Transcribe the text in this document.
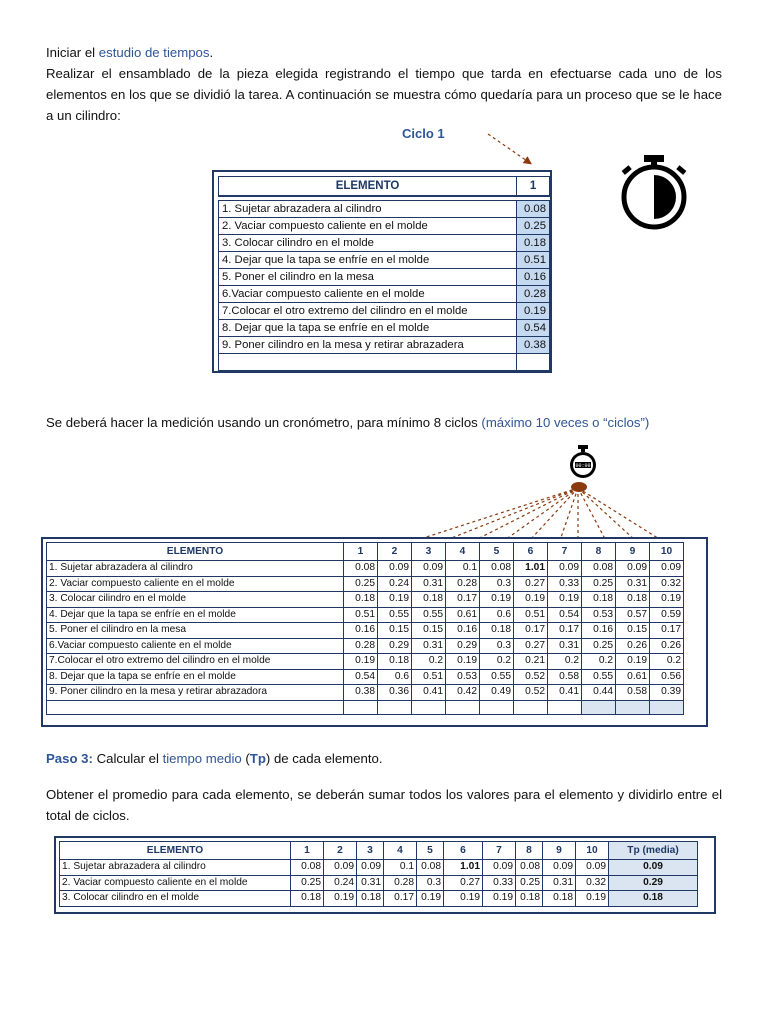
Iniciar el estudio de tiempos.

Realizar el ensamblado de la pieza elegida registrando el tiempo que tarda en efectuarse cada uno de los elementos en los que se dividió la tarea. A continuación se muestra cómo quedaría para un proceso que se le hace a un cilindro:

Ciclo 1
ELEMENTO	1

1. Sujetar abrazadera al cilindro	0.08
2. Vaciar compuesto caliente en el molde	0.25
3. Colocar cilindro en el molde	0.18
4. Dejar que la tapa se enfríe en el molde	0.51
5. Poner el cilindro en la mesa	0.16
6.Vaciar compuesto caliente en el molde	0.28
7.Colocar el otro extremo del cilindro en el molde	0.19
8. Dejar que la tapa se enfríe en el molde	0.54
9. Poner cilindro en la mesa y retirar abrazadera	0.38

Se deberá hacer la medición usando un cronómetro, para mínimo 8 ciclos (máximo 10 veces o “ciclos”)

00:00
ELEMENTO	1	2	3	4	5	6	7	8	9	10
1. Sujetar abrazadera al cilindro	0.08	0.09	0.09	0.1	0.08	1.01	0.09	0.08	0.09	0.09
2. Vaciar compuesto caliente en el molde	0.25	0.24	0.31	0.28	0.3	0.27	0.33	0.25	0.31	0.32
3. Colocar cilindro en el molde	0.18	0.19	0.18	0.17	0.19	0.19	0.19	0.18	0.18	0.19
4. Dejar que la tapa se enfríe en el molde	0.51	0.55	0.55	0.61	0.6	0.51	0.54	0.53	0.57	0.59
5. Poner el cilindro en la mesa	0.16	0.15	0.15	0.16	0.18	0.17	0.17	0.16	0.15	0.17
6.Vaciar compuesto caliente en el molde	0.28	0.29	0.31	0.29	0.3	0.27	0.31	0.25	0.26	0.26
7.Colocar el otro extremo del cilindro en el molde	0.19	0.18	0.2	0.19	0.2	0.21	0.2	0.2	0.19	0.2
8. Dejar que la tapa se enfríe en el molde	0.54	0.6	0.51	0.53	0.55	0.52	0.58	0.55	0.61	0.56
9. Poner cilindro en la mesa y retirar abrazadora	0.38	0.36	0.41	0.42	0.49	0.52	0.41	0.44	0.58	0.39

Paso 3: Calcular el tiempo medio (Tp) de cada elemento.

Obtener el promedio para cada elemento, se deberán sumar todos los valores para el elemento y dividirlo entre el total de ciclos.

ELEMENTO	1	2	3	4	5	6	7	8	9	10	Tp (media)
1. Sujetar abrazadera al cilindro	0.08	0.09	0.09	0.1	0.08	1.01	0.09	0.08	0.09	0.09	0.09
2. Vaciar compuesto caliente en el molde	0.25	0.24	0.31	0.28	0.3	0.27	0.33	0.25	0.31	0.32	0.29
3. Colocar cilindro en el molde	0.18	0.19	0.18	0.17	0.19	0.19	0.19	0.18	0.18	0.19	0.18
